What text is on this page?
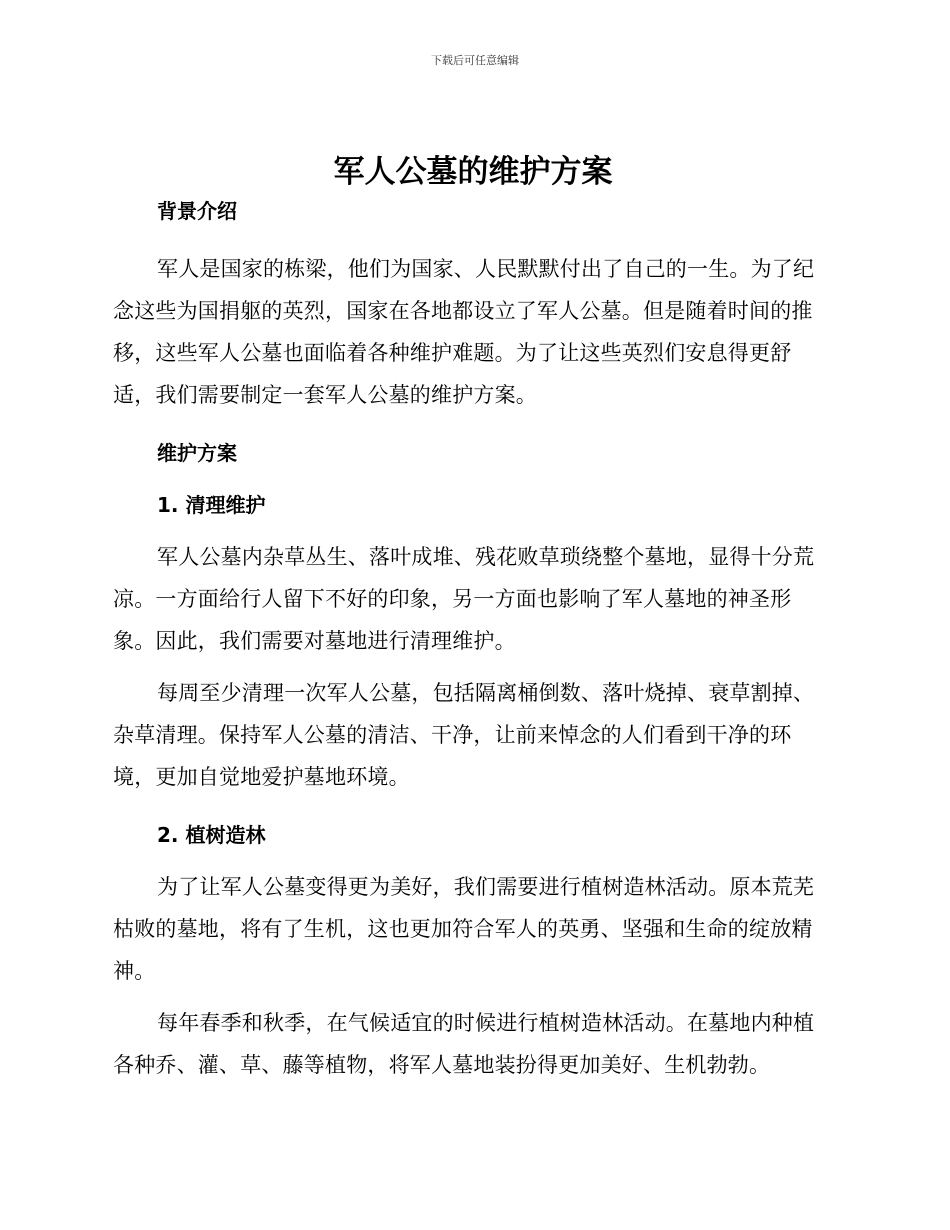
下载后可任意编辑
军人公墓的维护方案
背景介绍

军人是国家的栋梁，他们为国家、人民默默付出了自己的一生。为了纪念这些为国捐躯的英烈，国家在各地都设立了军人公墓。但是随着时间的推移，这些军人公墓也面临着各种维护难题。为了让这些英烈们安息得更舒适，我们需要制定一套军人公墓的维护方案。

维护方案
1. 清理维护

军人公墓内杂草丛生、落叶成堆、残花败草琐绕整个墓地，显得十分荒凉。一方面给行人留下不好的印象，另一方面也影响了军人墓地的神圣形象。因此，我们需要对墓地进行清理维护。

每周至少清理一次军人公墓，包括隔离桶倒数、落叶烧掉、衰草割掉、杂草清理。保持军人公墓的清洁、干净，让前来悼念的人们看到干净的环境，更加自觉地爱护墓地环境。

2. 植树造林

为了让军人公墓变得更为美好，我们需要进行植树造林活动。原本荒芜枯败的墓地，将有了生机，这也更加符合军人的英勇、坚强和生命的绽放精神。

每年春季和秋季，在气候适宜的时候进行植树造林活动。在墓地内种植各种乔、灌、草、藤等植物，将军人墓地装扮得更加美好、生机勃勃。
